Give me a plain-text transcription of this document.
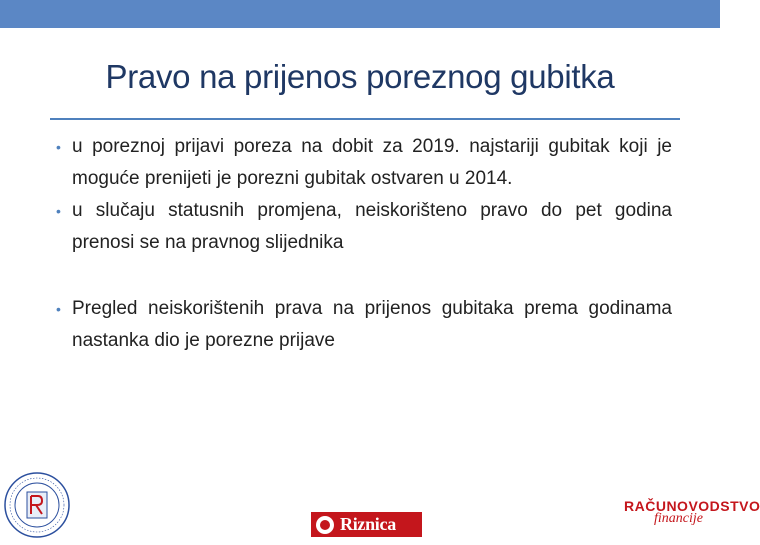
Pravo na prijenos poreznog gubitka
• u poreznoj prijavi poreza na dobit za 2019. najstariji gubitak koji je moguće prenijeti je porezni gubitak ostvaren u 2014.
• u slučaju statusnih promjena, neiskorišteno pravo do pet godina prenosi se na pravnog slijednika
• Pregled neiskorištenih prava na prijenos gubitaka prema godinama nastanka dio je porezne prijave
Riznica
RAČUNOVODSTVO
financije
